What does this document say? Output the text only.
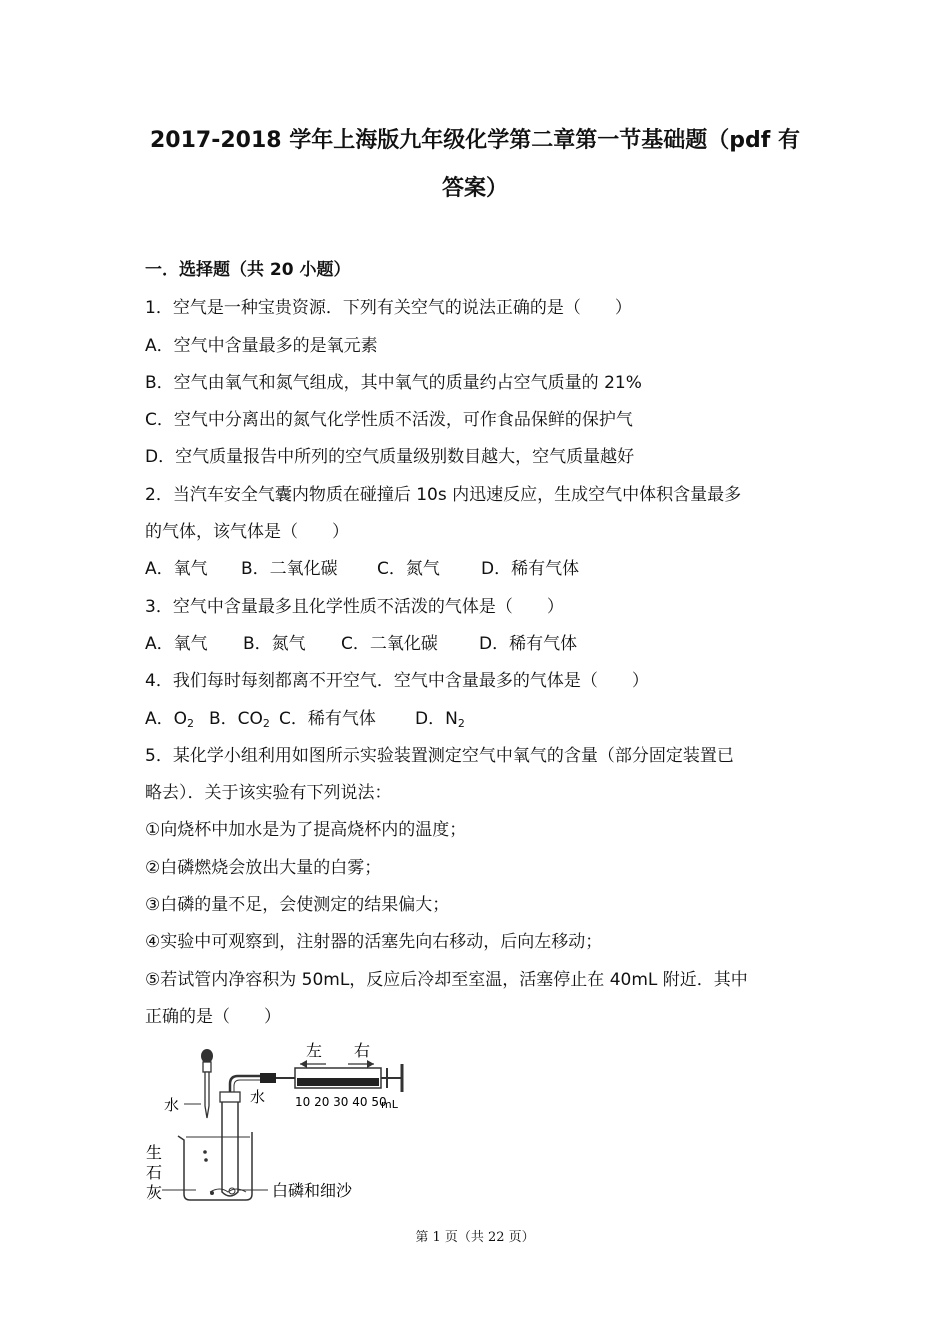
2017-2018 学年上海版九年级化学第二章第一节基础题（pdf 有
答案）
一．选择题（共 20 小题）
1．空气是一种宝贵资源．下列有关空气的说法正确的是（　　）
A．空气中含量最多的是氧元素
B．空气由氧气和氮气组成，其中氧气的质量约占空气质量的 21%
C．空气中分离出的氮气化学性质不活泼，可作食品保鲜的保护气
D．空气质量报告中所列的空气质量级别数目越大，空气质量越好
2．当汽车安全气囊内物质在碰撞后 10s 内迅速反应，生成空气中体积含量最多
的气体，该气体是（　　）
A．氧气 B．二氧化碳 C．氮气 D．稀有气体
3．空气中含量最多且化学性质不活泼的气体是（　　）
A．氧气 B．氮气 C．二氧化碳 D．稀有气体
4．我们每时每刻都离不开空气．空气中含量最多的气体是（　　）
A．$O_2$ B．$CO_2$ C．稀有气体 D．$N_2$
5．某化学小组利用如图所示实验装置测定空气中氧气的含量（部分固定装置已
略去）．关于该实验有下列说法：
①向烧杯中加水是为了提高烧杯内的温度；
②白磷燃烧会放出大量的白雾；
③白磷的量不足，会使测定的结果偏大；
④实验中可观察到，注射器的活塞先向右移动，后向左移动；
⑤若试管内净容积为 50mL，反应后冷却至室温，活塞停止在 40mL 附近．其中
正确的是（　　）
水	水 10 20 30 40 50
mL
左 右
生
石
灰	白磷和细沙
第 1 页（共 22 页）
